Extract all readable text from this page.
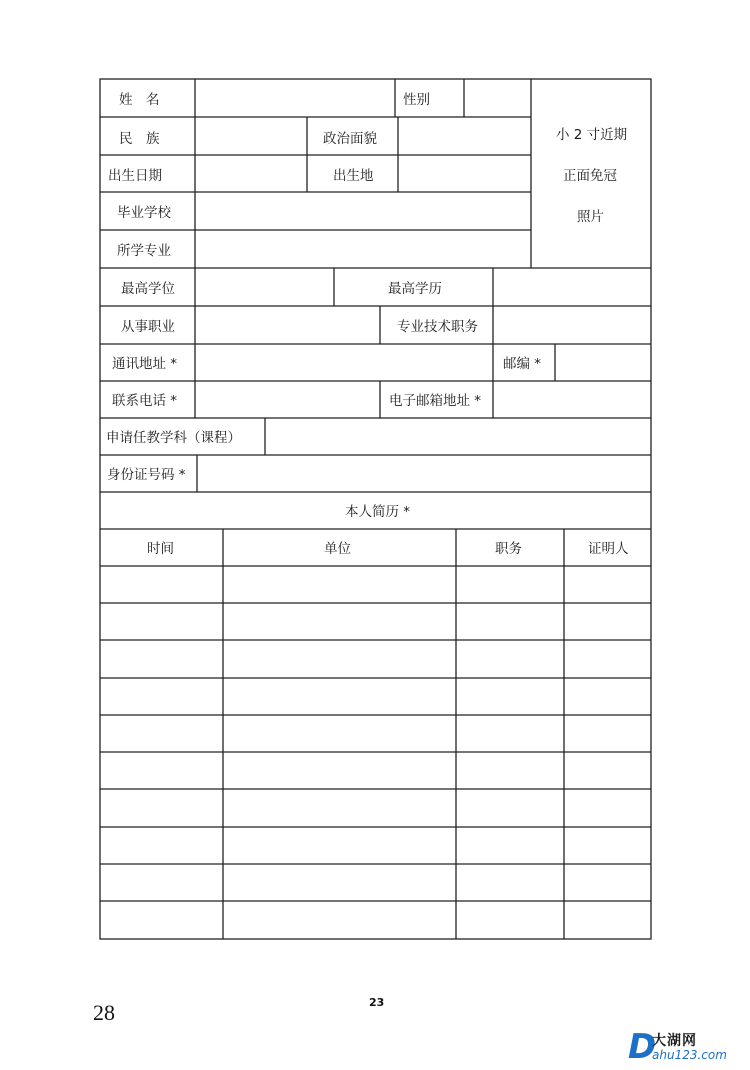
姓　名	性别
民　族	政治面貌
出生日期	出生地
毕业学校
所学专业
小 2 寸近期
正面免冠
照片
最高学位	最高学历
从事职业	专业技术职务
通讯地址 *	邮编 *
联系电话 *	电子邮箱地址 *
申请任教学科（课程）
身份证号码 *
本人简历 *
时间	单位	职务	证明人
28	23
D
大湖网
ahu123.com
